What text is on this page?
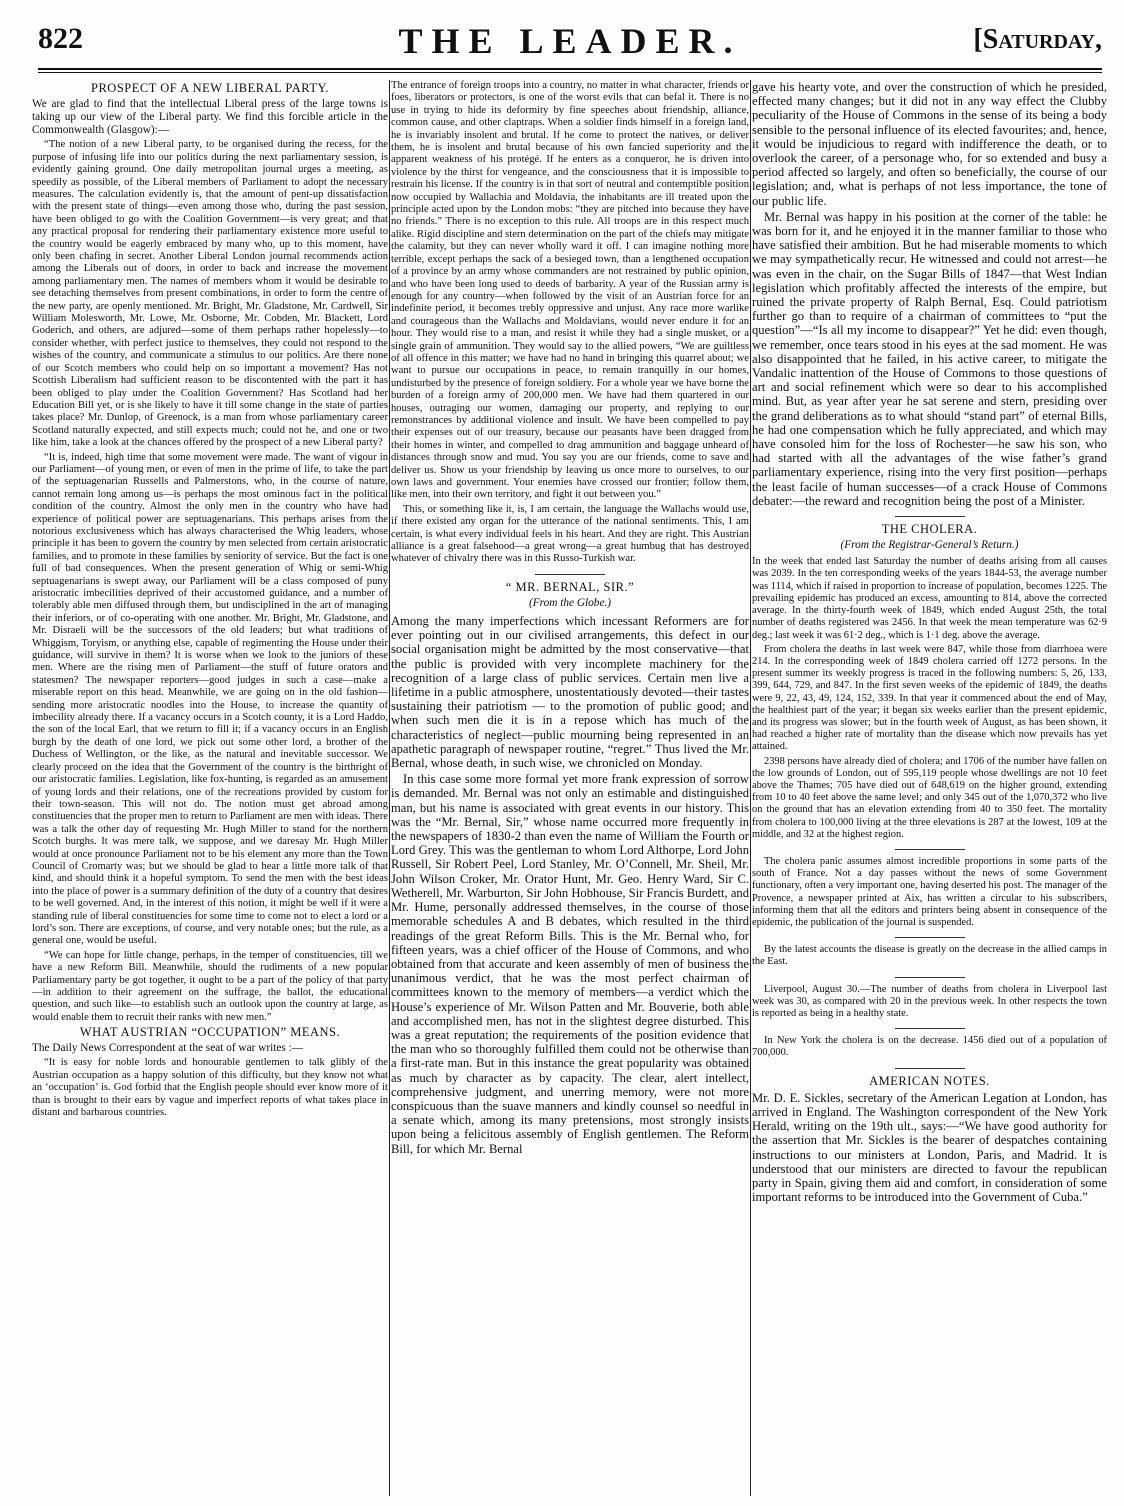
822	THE LEADER.	[Saturday,
PROSPECT OF A NEW LIBERAL PARTY.

We are glad to find that the intellectual Liberal press of the large towns is taking up our view of the Liberal party. We find this forcible article in the Commonwealth (Glasgow):—

“The notion of a new Liberal party, to be organised during the recess, for the purpose of infusing life into our politics during the next parliamentary session, is evidently gaining ground. One daily metropolitan journal urges a meeting, as speedily as possible, of the Liberal members of Parliament to adopt the necessary measures. The calculation evidently is, that the amount of pent-up dissatisfaction with the present state of things—even among those who, during the past session, have been obliged to go with the Coalition Government—is very great; and that any practical proposal for rendering their parliamentary existence more useful to the country would be eagerly embraced by many who, up to this moment, have only been chafing in secret. Another Liberal London journal recommends action among the Liberals out of doors, in order to back and increase the movement among parliamentary men. The names of members whom it would be desirable to see detaching themselves from present combinations, in order to form the centre of the new party, are openly mentioned. Mr. Bright, Mr. Gladstone, Mr. Cardwell, Sir William Molesworth, Mr. Lowe, Mr. Osborne, Mr. Cobden, Mr. Blackett, Lord Goderich, and others, are adjured—some of them perhaps rather hopelessly—to consider whether, with perfect justice to themselves, they could not respond to the wishes of the country, and communicate a stimulus to our politics. Are there none of our Scotch members who could help on so important a movement? Has not Scottish Liberalism had sufficient reason to be discontented with the part it has been obliged to play under the Coalition Government? Has Scotland had her Education Bill yet, or is she likely to have it till some change in the state of parties takes place? Mr. Dunlop, of Greenock, is a man from whose parliamentary career Scotland naturally expected, and still expects much; could not he, and one or two like him, take a look at the chances offered by the prospect of a new Liberal party?

“It is, indeed, high time that some movement were made. The want of vigour in our Parliament—of young men, or even of men in the prime of life, to take the part of the septuagenarian Russells and Palmerstons, who, in the course of nature, cannot remain long among us—is perhaps the most ominous fact in the political condition of the country. Almost the only men in the country who have had experience of political power are septuagenarians. This perhaps arises from the notorious exclusiveness which has always characterised the Whig leaders, whose principle it has been to govern the country by men selected from certain aristocratic families, and to promote in these families by seniority of service. But the fact is one full of bad consequences. When the present generation of Whig or semi-Whig septuagenarians is swept away, our Parliament will be a class composed of puny aristocratic imbecilities deprived of their accustomed guidance, and a number of tolerably able men diffused through them, but undisciplined in the art of managing their inferiors, or of co-operating with one another. Mr. Bright, Mr. Gladstone, and Mr. Disraeli will be the successors of the old leaders; but what traditions of Whiggism, Toryism, or anything else, capable of regimenting the House under their guidance, will survive in them? It is worse when we look to the juniors of these men. Where are the rising men of Parliament—the stuff of future orators and statesmen? The newspaper reporters—good judges in such a case—make a miserable report on this head. Meanwhile, we are going on in the old fashion—sending more aristocratic noodles into the House, to increase the quantity of imbecility already there. If a vacancy occurs in a Scotch county, it is a Lord Haddo, the son of the local Earl, that we return to fill it; if a vacancy occurs in an English burgh by the death of one lord, we pick out some other lord, a brother of the Duchess of Wellington, or the like, as the natural and inevitable successor. We clearly proceed on the idea that the Government of the country is the birthright of our aristocratic families. Legislation, like fox-hunting, is regarded as an amusement of young lords and their relations, one of the recreations provided by custom for their town-season. This will not do. The notion must get abroad among constituencies that the proper men to return to Parliament are men with ideas. There was a talk the other day of requesting Mr. Hugh Miller to stand for the northern Scotch burghs. It was mere talk, we suppose, and we daresay Mr. Hugh Miller would at once pronounce Parliament not to be his element any more than the Town Council of Cromarty was; but we should be glad to hear a little more talk of that kind, and should think it a hopeful symptom. To send the men with the best ideas into the place of power is a summary definition of the duty of a country that desires to be well governed. And, in the interest of this notion, it might be well if it were a standing rule of liberal constituencies for some time to come not to elect a lord or a lord’s son. There are exceptions, of course, and very notable ones; but the rule, as a general one, would be useful.

“We can hope for little change, perhaps, in the temper of constituencies, till we have a new Reform Bill. Meanwhile, should the rudiments of a new popular Parliamentary party be got together, it ought to be a part of the policy of that party—in addition to their agreement on the suffrage, the ballot, the educational question, and such like—to establish such an outlook upon the country at large, as would enable them to recruit their ranks with new men.”

WHAT AUSTRIAN “OCCUPATION” MEANS.

The Daily News Correspondent at the seat of war writes :—

“It is easy for noble lords and honourable gentlemen to talk glibly of the Austrian occupation as a happy solution of this difficulty, but they know not what an ‘occupation’ is. God forbid that the English people should ever know more of it than is brought to their ears by vague and imperfect reports of what takes place in distant and barbarous countries.

The entrance of foreign troops into a country, no matter in what character, friends or foes, liberators or protectors, is one of the worst evils that can befal it. There is no use in trying to hide its deformity by fine speeches about friendship, alliance, common cause, and other claptraps. When a soldier finds himself in a foreign land, he is invariably insolent and brutal. If he come to protect the natives, or deliver them, he is insolent and brutal because of his own fancied superiority and the apparent weakness of his protégé. If he enters as a conqueror, he is driven into violence by the thirst for vengeance, and the consciousness that it is impossible to restrain his license. If the country is in that sort of neutral and contemptible position now occupied by Wallachia and Moldavia, the inhabitants are ill treated upon the principle acted upon by the London mobs: “they are pitched into because they have no friends.” There is no exception to this rule. All troops are in this respect much alike. Rigid discipline and stern determination on the part of the chiefs may mitigate the calamity, but they can never wholly ward it off. I can imagine nothing more terrible, except perhaps the sack of a besieged town, than a lengthened occupation of a province by an army whose commanders are not restrained by public opinion, and who have been long used to deeds of barbarity. A year of the Russian army is enough for any country—when followed by the visit of an Austrian force for an indefinite period, it becomes trebly oppressive and unjust. Any race more warlike and courageous than the Wallachs and Moldavians, would never endure it for an hour. They would rise to a man, and resist it while they had a single musket, or a single grain of ammunition. They would say to the allied powers, “We are guiltless of all offence in this matter; we have had no hand in bringing this quarrel about; we want to pursue our occupations in peace, to remain tranquilly in our homes, undisturbed by the presence of foreign soldiery. For a whole year we have borne the burden of a foreign army of 200,000 men. We have had them quartered in our houses, outraging our women, damaging our property, and replying to our remonstrances by additional violence and insult. We have been compelled to pay their expenses out of our treasury, because our peasants have been dragged from their homes in winter, and compelled to drag ammunition and baggage unheard of distances through snow and mud. You say you are our friends, come to save and deliver us. Show us your friendship by leaving us once more to ourselves, to our own laws and government. Your enemies have crossed our frontier; follow them, like men, into their own territory, and fight it out between you.”

This, or something like it, is, I am certain, the language the Wallachs would use, if there existed any organ for the utterance of the national sentiments. This, I am certain, is what every individual feels in his heart. And they are right. This Austrian alliance is a great falsehood—a great wrong—a great humbug that has destroyed whatever of chivalry there was in this Russo-Turkish war.

“ MR. BERNAL, SIR.”
(From the Globe.)

Among the many imperfections which incessant Reformers are for ever pointing out in our civilised arrangements, this defect in our social organisation might be admitted by the most conservative—that the public is provided with very incomplete machinery for the recognition of a large class of public services. Certain men live a lifetime in a public atmosphere, unostentatiously devoted—their tastes sustaining their patriotism — to the promotion of public good; and when such men die it is in a repose which has much of the characteristics of neglect—public mourning being represented in an apathetic paragraph of newspaper routine, “regret.” Thus lived the Mr. Bernal, whose death, in such wise, we chronicled on Monday.

In this case some more formal yet more frank expression of sorrow is demanded. Mr. Bernal was not only an estimable and distinguished man, but his name is associated with great events in our history. This was the “Mr. Bernal, Sir,” whose name occurred more frequently in the newspapers of 1830-2 than even the name of William the Fourth or Lord Grey. This was the gentleman to whom Lord Althorpe, Lord John Russell, Sir Robert Peel, Lord Stanley, Mr. O’Connell, Mr. Sheil, Mr. John Wilson Croker, Mr. Orator Hunt, Mr. Geo. Henry Ward, Sir C. Wetherell, Mr. Warburton, Sir John Hobhouse, Sir Francis Burdett, and Mr. Hume, personally addressed themselves, in the course of those memorable schedules A and B debates, which resulted in the third readings of the great Reform Bills. This is the Mr. Bernal who, for fifteen years, was a chief officer of the House of Commons, and who obtained from that accurate and keen assembly of men of business the unanimous verdict, that he was the most perfect chairman of committees known to the memory of members—a verdict which the House’s experience of Mr. Wilson Patten and Mr. Bouverie, both able and accomplished men, has not in the slightest degree disturbed. This was a great reputation; the requirements of the position evidence that the man who so thoroughly fulfilled them could not be otherwise than a first-rate man. But in this instance the great popularity was obtained as much by character as by capacity. The clear, alert intellect, comprehensive judgment, and unerring memory, were not more conspicuous than the suave manners and kindly counsel so needful in a senate which, among its many pretensions, most strongly insists upon being a felicitous assembly of English gentlemen. The Reform Bill, for which Mr. Bernal

gave his hearty vote, and over the construction of which he presided, effected many changes; but it did not in any way effect the Clubby peculiarity of the House of Commons in the sense of its being a body sensible to the personal influence of its elected favourites; and, hence, it would be injudicious to regard with indifference the death, or to overlook the career, of a personage who, for so extended and busy a period affected so largely, and often so beneficially, the course of our legislation; and, what is perhaps of not less importance, the tone of our public life.

Mr. Bernal was happy in his position at the corner of the table: he was born for it, and he enjoyed it in the manner familiar to those who have satisfied their ambition. But he had miserable moments to which we may sympathetically recur. He witnessed and could not arrest—he was even in the chair, on the Sugar Bills of 1847—that West Indian legislation which profitably affected the interests of the empire, but ruined the private property of Ralph Bernal, Esq. Could patriotism further go than to require of a chairman of committees to “put the question”—“Is all my income to disappear?” Yet he did: even though, we remember, once tears stood in his eyes at the sad moment. He was also disappointed that he failed, in his active career, to mitigate the Vandalic inattention of the House of Commons to those questions of art and social refinement which were so dear to his accomplished mind. But, as year after year he sat serene and stern, presiding over the grand deliberations as to what should “stand part” of eternal Bills, he had one compensation which he fully appreciated, and which may have consoled him for the loss of Rochester—he saw his son, who had started with all the advantages of the wise father’s grand parliamentary experience, rising into the very first position—perhaps the least facile of human successes—of a crack House of Commons debater:—the reward and recognition being the post of a Minister.

THE CHOLERA.
(From the Registrar-General’s Return.)

In the week that ended last Saturday the number of deaths arising from all causes was 2039. In the ten corresponding weeks of the years 1844-53, the average number was 1114, which if raised in proportion to increase of population, becomes 1225. The prevailing epidemic has produced an excess, amounting to 814, above the corrected average. In the thirty-fourth week of 1849, which ended August 25th, the total number of deaths registered was 2456. In that week the mean temperature was 62·9 deg.; last week it was 61·2 deg., which is 1·1 deg. above the average.

From cholera the deaths in last week were 847, while those from diarrhoea were 214. In the corresponding week of 1849 cholera carried off 1272 persons. In the present summer its weekly progress is traced in the following numbers: 5, 26, 133, 399, 644, 729, and 847. In the first seven weeks of the epidemic of 1849, the deaths were 9, 22, 43, 49, 124, 152, 339. In that year it commenced about the end of May, the healthiest part of the year; it began six weeks earlier than the present epidemic, and its progress was slower; but in the fourth week of August, as has been shown, it had reached a higher rate of mortality than the disease which now prevails has yet attained.

2398 persons have already died of cholera; and 1706 of the number have fallen on the low grounds of London, out of 595,119 people whose dwellings are not 10 feet above the Thames; 705 have died out of 648,619 on the higher ground, extending from 10 to 40 feet above the same level; and only 345 out of the 1,070,372 who live on the ground that has an elevation extending from 40 to 350 feet. The mortality from cholera to 100,000 living at the three elevations is 287 at the lowest, 109 at the middle, and 32 at the highest region.

The cholera panic assumes almost incredible proportions in some parts of the south of France. Not a day passes without the news of some Government functionary, often a very important one, having deserted his post. The manager of the Provence, a newspaper printed at Aix, has written a circular to his subscribers, informing them that all the editors and printers being absent in consequence of the epidemic, the publication of the journal is suspended.

By the latest accounts the disease is greatly on the decrease in the allied camps in the East.

Liverpool, August 30.—The number of deaths from cholera in Liverpool last week was 30, as compared with 20 in the previous week. In other respects the town is reported as being in a healthy state.

In New York the cholera is on the decrease. 1456 died out of a population of 700,000.

AMERICAN NOTES.

Mr. D. E. Sickles, secretary of the American Legation at London, has arrived in England. The Washington correspondent of the New York Herald, writing on the 19th ult., says:—“We have good authority for the assertion that Mr. Sickles is the bearer of despatches containing instructions to our ministers at London, Paris, and Madrid. It is understood that our ministers are directed to favour the republican party in Spain, giving them aid and comfort, in consideration of some important reforms to be introduced into the Government of Cuba.”
